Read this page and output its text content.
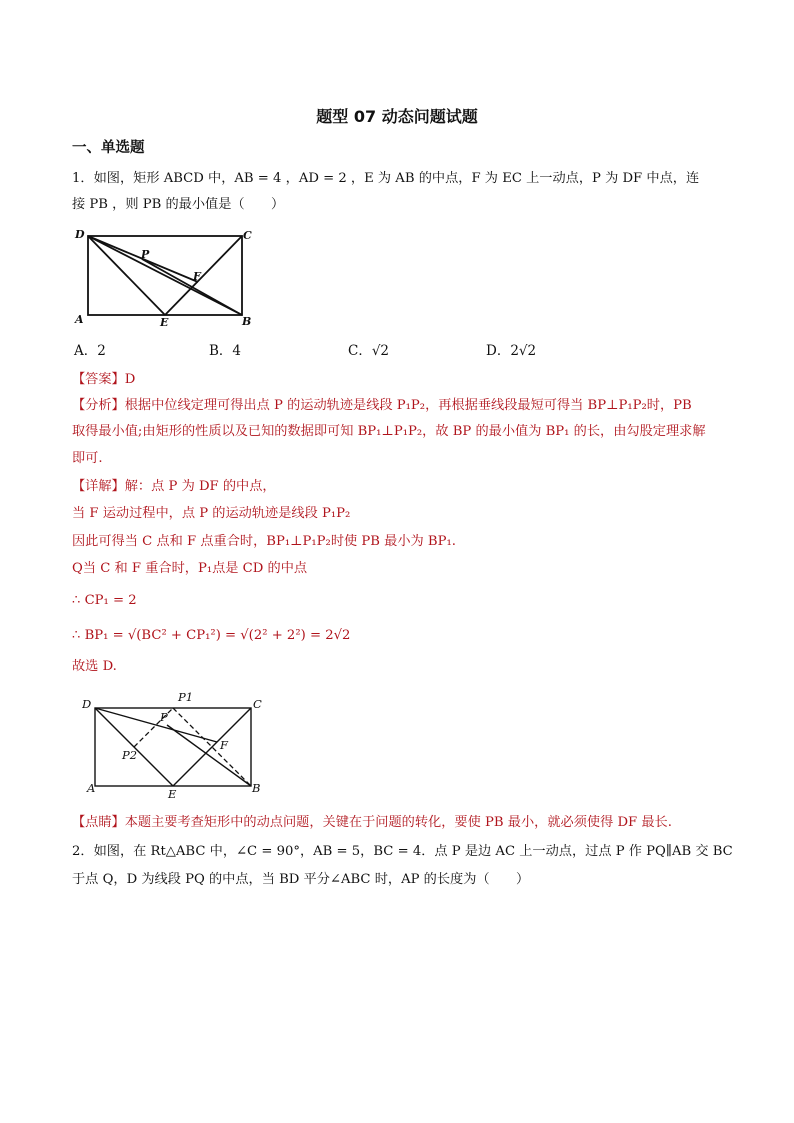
题型 07 动态问题试题
一、单选题
1．如图，矩形 ABCD 中，AB = 4 ，AD = 2 ，E 为 AB 的中点，F 为 EC 上一动点，P 为 DF 中点，连
接 PB ，则 PB 的最小值是（　　）
D	C
A	E	B
P
F
A．2	B．4	C．√2	D．2√2
【答案】D
【分析】根据中位线定理可得出点 P 的运动轨迹是线段 P₁P₂，再根据垂线段最短可得当 BP⊥P₁P₂时，PB
取得最小值;由矩形的性质以及已知的数据即可知 BP₁⊥P₁P₂，故 BP 的最小值为 BP₁ 的长，由勾股定理求解
即可.
【详解】解：点 P 为 DF 的中点，
当 F 运动过程中，点 P 的运动轨迹是线段 P₁P₂
因此可得当 C 点和 F 点重合时，BP₁⊥P₁P₂时使 PB 最小为 BP₁.
Q当 C 和 F 重合时，P₁点是 CD 的中点
∴ CP₁ = 2
∴ BP₁ = √(BC² + CP₁²) = √(2² + 2²) = 2√2
故选 D.
D	P1	C
P
F
P2
A	E	B
【点睛】本题主要考查矩形中的动点问题，关键在于问题的转化，要使 PB 最小，就必须使得 DF 最长.
2．如图，在 Rt△ABC 中，∠C = 90°，AB = 5，BC = 4．点 P 是边 AC 上一动点，过点 P 作 PQ∥AB 交 BC
于点 Q，D 为线段 PQ 的中点，当 BD 平分∠ABC 时，AP 的长度为（　　）
